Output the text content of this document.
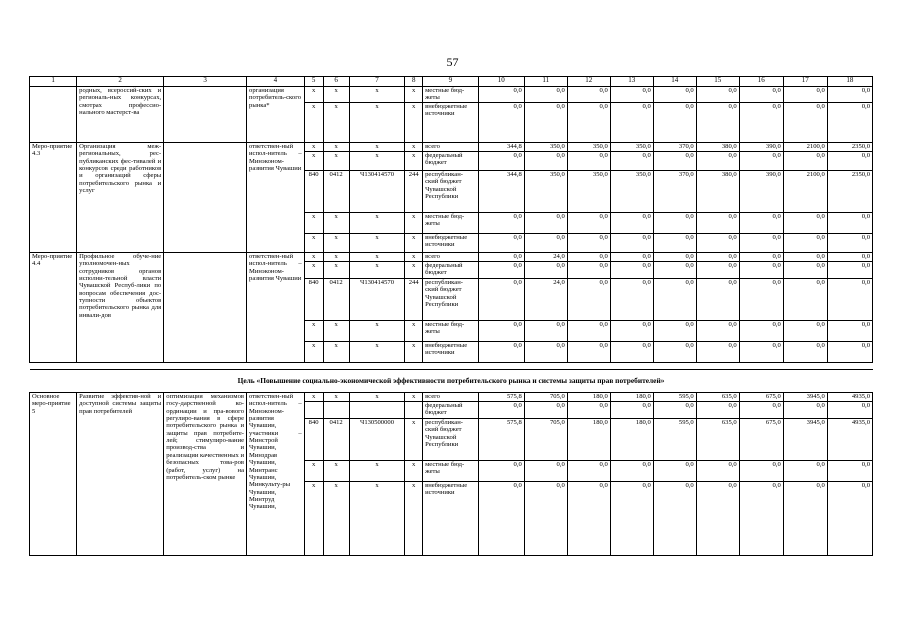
57
1	2	3	4	5	6	7	8	9	10	11	12	13	14	15	16	17	18
	родных, всероссий-ских и региональ-ных конкурсах, смотрах профессио-нального мастерст-ва		организация потребитель-ского рынка*	x	x	x	x	местные бюд-жеты	0,0	0,0	0,0	0,0	0,0	0,0	0,0	0,0	0,0
				x	x	x	x	внебюджетные источники	0,0	0,0	0,0	0,0	0,0	0,0	0,0	0,0	0,0
Меро-приятие 4.3	Организация меж-региональных, рес-публиканских фес-тивалей и конкурсов среди работников и организаций сферы потребительского рынка и услуг		ответствен-ный испол-нитель – Минэконом-развития Чувашии	x	x	x	x	всего	344,8	350,0	350,0	350,0	370,0	380,0	390,0	2100,0	2350,0
				x	x	x	x	федеральный бюджет	0,0	0,0	0,0	0,0	0,0	0,0	0,0	0,0	0,0
				840	0412	Ч130414570	244	республикан-ский бюджет Чувашской Республики	344,8	350,0	350,0	350,0	370,0	380,0	390,0	2100,0	2350,0
				x	x	x	x	местные бюд-жеты	0,0	0,0	0,0	0,0	0,0	0,0	0,0	0,0	0,0
				x	x	x	x	внебюджетные источники	0,0	0,0	0,0	0,0	0,0	0,0	0,0	0,0	0,0
Меро-приятие 4.4	Профильное обуче-ние уполномочен-ных сотрудников органов исполни-тельной власти Чувашской Респуб-лики по вопросам обеспечения дос-тупности объектов потребительского рынка для инвали-дов		ответствен-ный испол-нитель – Минэконом-развития Чувашии	x	x	x	x	всего	0,0	24,0	0,0	0,0	0,0	0,0	0,0	0,0	0,0
				x	x	x	x	федеральный бюджет	0,0	0,0	0,0	0,0	0,0	0,0	0,0	0,0	0,0
				840	0412	Ч130414570	244	республикан-ский бюджет Чувашской Республики	0,0	24,0	0,0	0,0	0,0	0,0	0,0	0,0	0,0
				x	x	x	x	местные бюд-жеты	0,0	0,0	0,0	0,0	0,0	0,0	0,0	0,0	0,0
				x	x	x	x	внебюджетные источники	0,0	0,0	0,0	0,0	0,0	0,0	0,0	0,0	0,0

Цель «Повышение социально-экономической эффективности потребительского рынка и системы защиты прав потребителей»																	
Основное меро-приятие 5	Развитие эффектив-ной и доступной системы защиты прав потребителей	оптимизация механизмов госу-дарственной ко-ординации и пра-вового регулиро-вания в сфере потребительского рынка и защиты прав потребите-лей; стимулиро-вание производ-ства и реализации качественных и безопасных това-ров (работ, услуг) на потребитель-ском рынке	ответствен-ный испол-нитель – Минэконом-развития Чувашии, участники – Минстрой Чувашии, Минздрав Чувашии, Минтранс Чувашии, Минкульту-ры Чувашии, Минтруд Чувашии,	x	x	x	x	всего	575,8	705,0	180,0	180,0	595,0	635,0	675,0	3945,0	4935,0
								федеральный бюджет	0,0	0,0	0,0	0,0	0,0	0,0	0,0	0,0	0,0
				840	0412	Ч130500000	x	республикан-ский бюджет Чувашской Республики	575,8	705,0	180,0	180,0	595,0	635,0	675,0	3945,0	4935,0
				x	x	x	x	местные бюд-жеты	0,0	0,0	0,0	0,0	0,0	0,0	0,0	0,0	0,0
				x	x	x	x	внебюджетные источники	0,0	0,0	0,0	0,0	0,0	0,0	0,0	0,0	0,0
